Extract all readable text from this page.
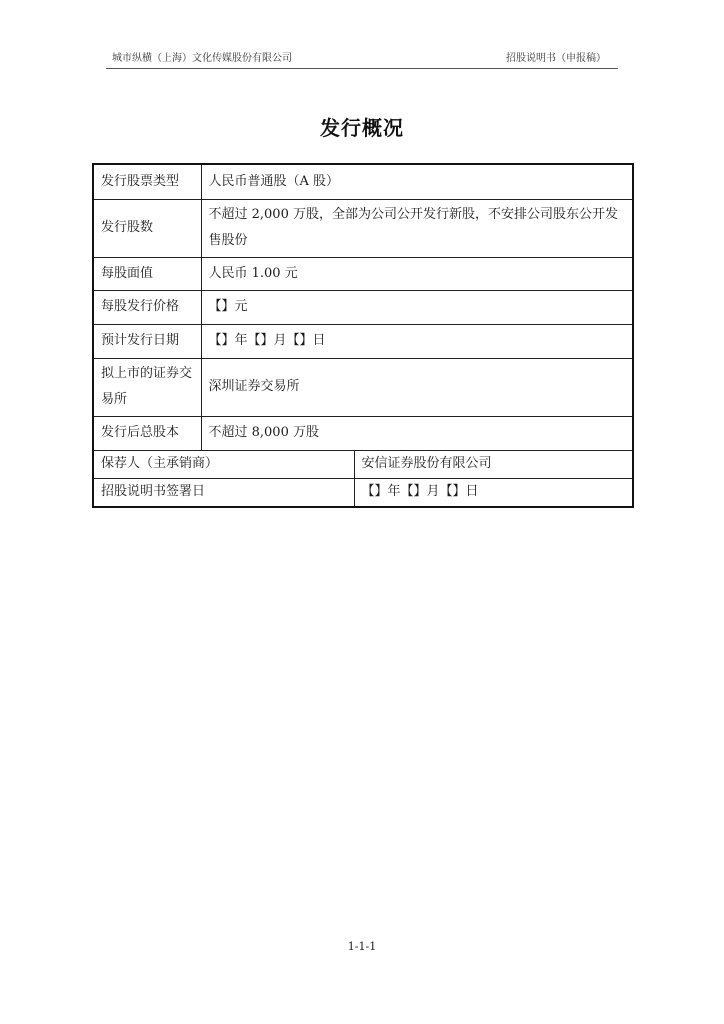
城市纵横（上海）文化传媒股份有限公司	招股说明书（申报稿）
发行概况
发行股票类型	人民币普通股（A 股）	
发行股数	不超过 2,000 万股，全部为公司公开发行新股，不安排公司股东公开发售股份	
每股面值	人民币 1.00 元	
每股发行价格	【】元	
预计发行日期	【】年【】月【】日	
拟上市的证券交易所	深圳证券交易所	
发行后总股本	不超过 8,000 万股	
保荐人（主承销商）		安信证券股份有限公司
招股说明书签署日		【】年【】月【】日
1-1-1
